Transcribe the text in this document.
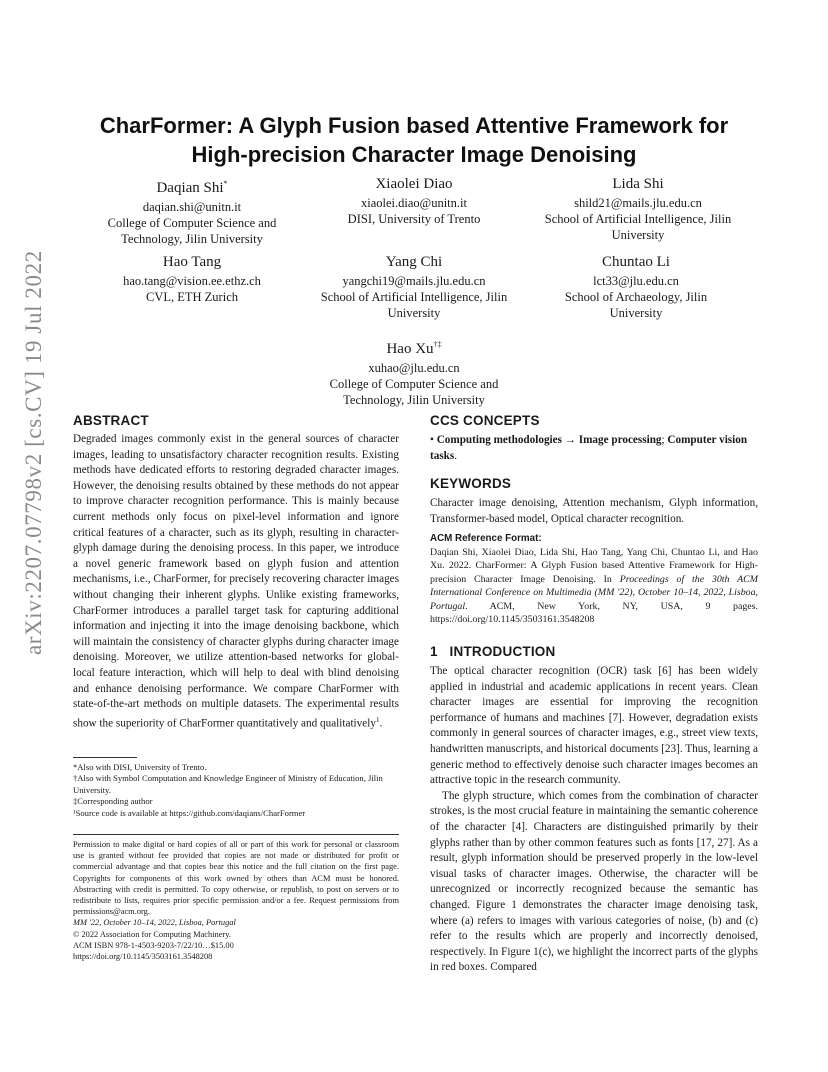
arXiv:2207.07798v2 [cs.CV] 19 Jul 2022
CharFormer: A Glyph Fusion based Attentive Framework for
High-precision Character Image Denoising
Daqian Shi*
daqian.shi@unitn.it
College of Computer Science and
Technology, Jilin University
Xiaolei Diao
xiaolei.diao@unitn.it
DISI, University of Trento
Lida Shi
shild21@mails.jlu.edu.cn
School of Artificial Intelligence, Jilin
University
Hao Tang
hao.tang@vision.ee.ethz.ch
CVL, ETH Zurich
Yang Chi
yangchi19@mails.jlu.edu.cn
School of Artificial Intelligence, Jilin
University
Chuntao Li
lct33@jlu.edu.cn
School of Archaeology, Jilin
University
Hao Xu†‡
xuhao@jlu.edu.cn
College of Computer Science and
Technology, Jilin University
ABSTRACT

Degraded images commonly exist in the general sources of character images, leading to unsatisfactory character recognition results. Existing methods have dedicated efforts to restoring degraded character images. However, the denoising results obtained by these methods do not appear to improve character recognition performance. This is mainly because current methods only focus on pixel-level information and ignore critical features of a character, such as its glyph, resulting in character-glyph damage during the denoising process. In this paper, we introduce a novel generic framework based on glyph fusion and attention mechanisms, i.e., CharFormer, for precisely recovering character images without changing their inherent glyphs. Unlike existing frameworks, CharFormer introduces a parallel target task for capturing additional information and injecting it into the image denoising backbone, which will maintain the consistency of character glyphs during character image denoising. Moreover, we utilize attention-based networks for global-local feature interaction, which will help to deal with blind denoising and enhance denoising performance. We compare CharFormer with state-of-the-art methods on multiple datasets. The experimental results show the superiority of CharFormer quantitatively and qualitatively$^1$.

*Also with DISI, University of Trento.

†Also with Symbol Computation and Knowledge Engineer of Ministry of Education, Jilin University.

‡Corresponding author

¹Source code is available at https://github.com/daqians/CharFormer

Permission to make digital or hard copies of all or part of this work for personal or classroom use is granted without fee provided that copies are not made or distributed for profit or commercial advantage and that copies bear this notice and the full citation on the first page. Copyrights for components of this work owned by others than ACM must be honored. Abstracting with credit is permitted. To copy otherwise, or republish, to post on servers or to redistribute to lists, requires prior specific permission and/or a fee. Request permissions from permissions@acm.org.

MM '22, October 10–14, 2022, Lisboa, Portugal

© 2022 Association for Computing Machinery.

ACM ISBN 978-1-4503-9203-7/22/10…$15.00

https://doi.org/10.1145/3503161.3548208

CCS CONCEPTS
• Computing methodologies → Image processing; Computer vision tasks.
KEYWORDS
Character image denoising, Attention mechanism, Glyph information, Transformer-based model, Optical character recognition.
ACM Reference Format:
Daqian Shi, Xiaolei Diao, Lida Shi, Hao Tang, Yang Chi, Chuntao Li, and Hao Xu. 2022. CharFormer: A Glyph Fusion based Attentive Framework for High-precision Character Image Denoising. In Proceedings of the 30th ACM International Conference on Multimedia (MM '22), October 10–14, 2022, Lisboa, Portugal. ACM, New York, NY, USA, 9 pages. https://doi.org/10.1145/3503161.3548208
1   INTRODUCTION

The optical character recognition (OCR) task [6] has been widely applied in industrial and academic applications in recent years. Clean character images are essential for improving the recognition performance of humans and machines [7]. However, degradation exists commonly in general sources of character images, e.g., street view texts, handwritten manuscripts, and historical documents [23]. Thus, learning a generic method to effectively denoise such character images becomes an attractive topic in the research community.

The glyph structure, which comes from the combination of character strokes, is the most crucial feature in maintaining the semantic coherence of the character [4]. Characters are distinguished primarily by their glyphs rather than by other common features such as fonts [17, 27]. As a result, glyph information should be preserved properly in the low-level visual tasks of character images. Otherwise, the character will be unrecognized or incorrectly recognized because the semantic has changed. Figure 1 demonstrates the character image denoising task, where (a) refers to images with various categories of noise, (b) and (c) refer to the results which are properly and incorrectly denoised, respectively. In Figure 1(c), we highlight the incorrect parts of the glyphs in red boxes. Compared
